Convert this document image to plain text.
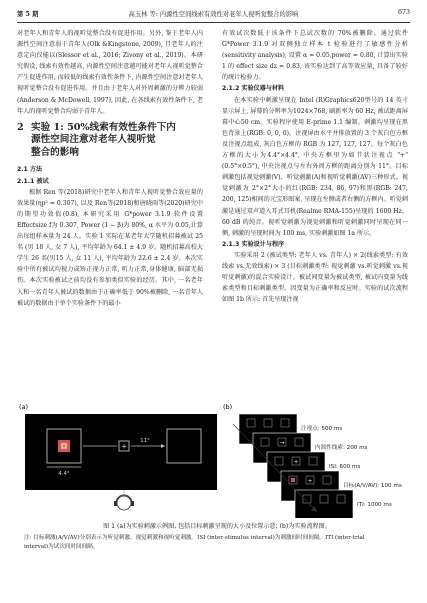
第 5 期	高玉林 等: 内源性空间线索有效性对老年人视听觉整合的影响	673

对老年人和青年人的视听觉整合没有促进作用。另外, 鉴于老年人内源性空间注意弱于青年人(Olk &Kingstone, 2009), 且老年人的注意定向仅能以(Slessor et al., 2016; Zivony et al., 2019)。本研究假设, 线索有效性越高, 内源性空间注意越可能对老年人视听觉整合产生促进作用, 而较低的线索有效性条件下, 内源性空间注意对老年人视听觉整合没有促进作用。并且由于老年人对外周刺激的分辨力较弱(Anderson & McDowell, 1997), 因此, 在各线索有效性条件下, 老年人的视听觉整合均弱于青年人。

2 实验 1: 50%线索有效性条件下内
源性空间注意对老年人视听觉
整合的影响
2.1 方法
2.1.1 被试

根据 Ren 等(2018)研究中老年人和青年人视听觉整合效应量的效果量(ηp² = 0.307), 以及 Ren等(2018)和唐晓雨等(2020)研究中的期望功效值(0.8), 本研究采用 G*power 3.1.9 软件设置 Effectsize f为 0.307, Power (1 − β)为 80%, α 水平为 0.05,计算出每组样本量为 24 人。实验 1 实际在某老年大学随机招募被试 25 名 (男 18 人, 女 7 人), 平均年龄为 64.1 ± 4.9 岁。随机招募高校大学生 26 名(男15 人, 女 11 人), 平均年龄为 22.6 ± 2.4 岁。本次实验中所有被试均视力或矫正视力正常, 听力正常,身体健康, 脑部无损伤。本次实验被试之前均没有参加类似实验的经历。其中, 一名老年人和一名青年人被试的数据由于正确率低于 90%被删除, 一名青年人被试的数据由于单个实验条件下的最小

有效试次数低于该条件下总试次数的 70%被删除。通过软件 G*Power 3.1.9 对双侧独立样本 t 检验进行了敏感性分析(sensitivity analysis), 设置 α = 0.05,power = 0.80, 计算出实验 1 的 effect size dz = 0.83, 该实验达到了高等效应量, 具备了较好的统计检验力。

2.1.2 实验仪器与材料

在本实验中刺激呈现在 Intel (R)Graphics620型号的 14 英寸显示屏上, 屏幕的分辨率为1024×768, 刷新率为 60 Hz, 被试距离屏幕中心50 cm。实验程序使用 E-prime 1.1 编制。刺激均呈现在黑色背景上(RGB: 0, 0, 0)。注视屏由水平并排放置的 3 个灰白色方框及注视点组成, 灰白色方框的 RGB 为 127, 127, 127。每个灰白色方框的大小为4.4°×4.4°, 中央方框里为如节状注视点 "+"(0.5°×0.5°), 中央注视点与左右外周方框的距离分别为 11°。目标刺激包括视觉刺激(V)、听觉刺激(A)和视听觉刺激(AV)三种形式。视觉刺激为 2°×2°大小的红(RGB: 234, 86, 97)和黑(RGB: 247, 200, 125)相间的元宝形图案, 呈现在左侧或者右侧的方框内。听觉刺激是通过双声道入耳式耳机(Realme RMA-155)呈现的 1600 Hz、60 dB 的纯音。视听觉刺激为视觉刺激和听觉刺激同时呈现在同一侧, 刺激的呈现时间为 100 ms, 实验刺激如图 1a 所示。

2.1.3 实验设计与程序

实验采用 2 (被试类型: 老年人 vs. 青年人) × 2(线索类型: 有效线索 vs.无效线索) × 3 (目标刺激类型: 视觉刺激 vs.听觉刺激 vs.视听觉刺激)的混合实验设计。被试间变量为被试类型, 被试内变量为线索类型和目标刺激类型。因变量为正确率和反应时。实验的试次流程如图 1b 所示: 首先呈现注视

(a)
+
11°
4.4°
(b)
注视点: 500 ms
→
内源性线索: 200 ms
+
ISI: 600 ms
+
目标(A/V/AV): 100 ms
ITI: 1000 ms
图 1 (a)为实验刺激示例图, 包括目标刺激呈现的大小及位置示意; (b)为实验流程图。
注: 目标刺激(A/V/AV)分别表示为听觉刺激、视觉刺激和视听觉刺激。ISI (inter-stimulus interval)为刺激间时间间隔。ITI (inter-trial
interval)为试次间时间间隔。
